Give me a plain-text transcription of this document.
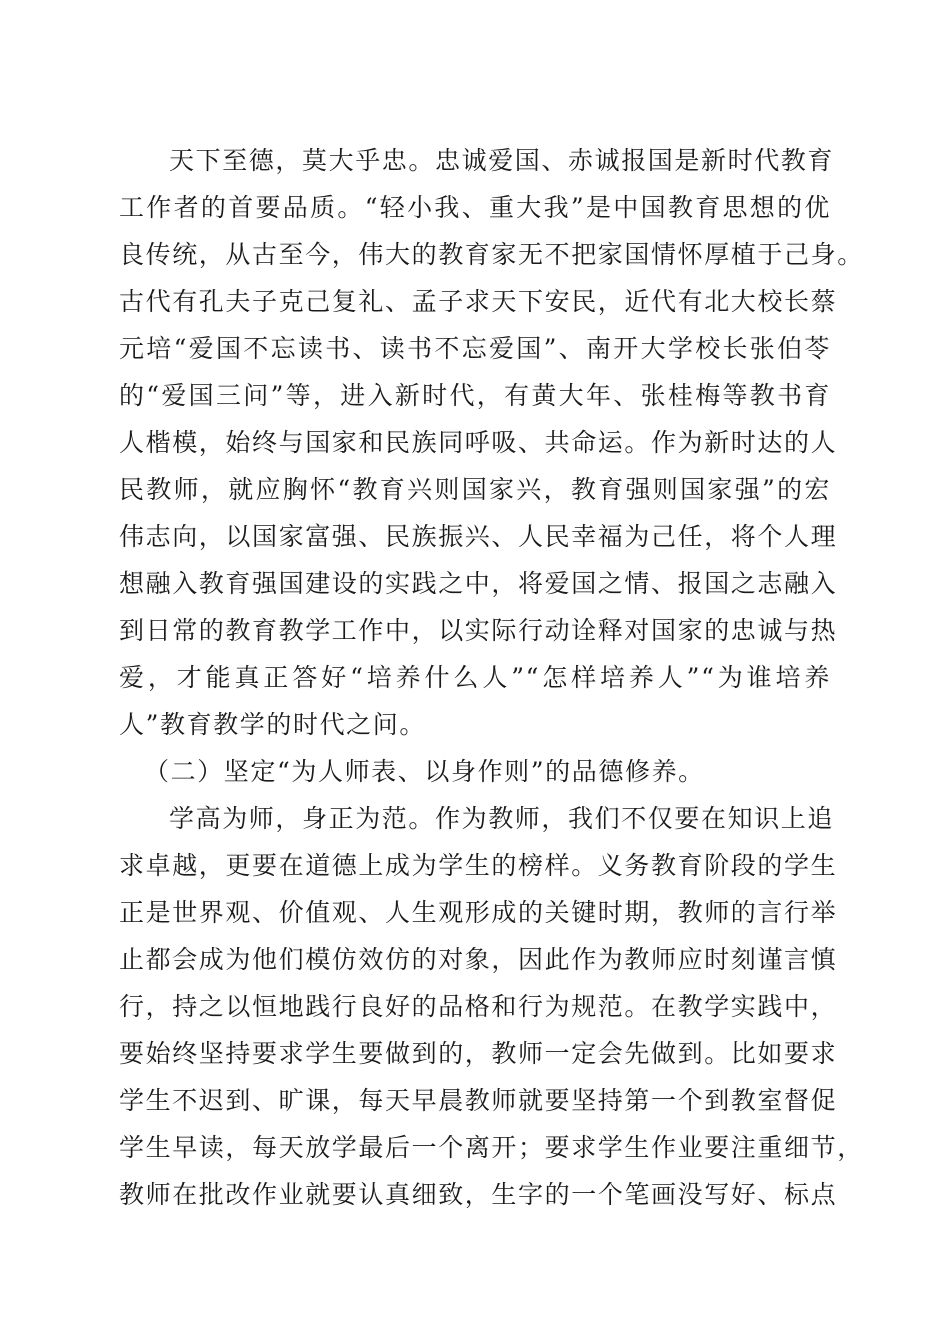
天下至德，莫大乎忠。忠诚爱国、赤诚报国是新时代教育

工作者的首要品质。“轻小我、重大我”是中国教育思想的优

良传统，从古至今，伟大的教育家无不把家国情怀厚植于己身。

古代有孔夫子克己复礼、孟子求天下安民，近代有北大校长蔡

元培“爱国不忘读书、读书不忘爱国”、南开大学校长张伯苓

的“爱国三问”等，进入新时代，有黄大年、张桂梅等教书育

人楷模，始终与国家和民族同呼吸、共命运。作为新时达的人

民教师，就应胸怀“教育兴则国家兴，教育强则国家强”的宏

伟志向，以国家富强、民族振兴、人民幸福为己任，将个人理

想融入教育强国建设的实践之中，将爱国之情、报国之志融入

到日常的教育教学工作中，以实际行动诠释对国家的忠诚与热

爱，才能真正答好“培养什么人”“怎样培养人”“为谁培养

人”教育教学的时代之问。

（二）坚定“为人师表、以身作则”的品德修养。

学高为师，身正为范。作为教师，我们不仅要在知识上追

求卓越，更要在道德上成为学生的榜样。义务教育阶段的学生

正是世界观、价值观、人生观形成的关键时期，教师的言行举

止都会成为他们模仿效仿的对象，因此作为教师应时刻谨言慎

行，持之以恒地践行良好的品格和行为规范。在教学实践中，

要始终坚持要求学生要做到的，教师一定会先做到。比如要求

学生不迟到、旷课，每天早晨教师就要坚持第一个到教室督促

学生早读，每天放学最后一个离开；要求学生作业要注重细节，

教师在批改作业就要认真细致，生字的一个笔画没写好、标点
